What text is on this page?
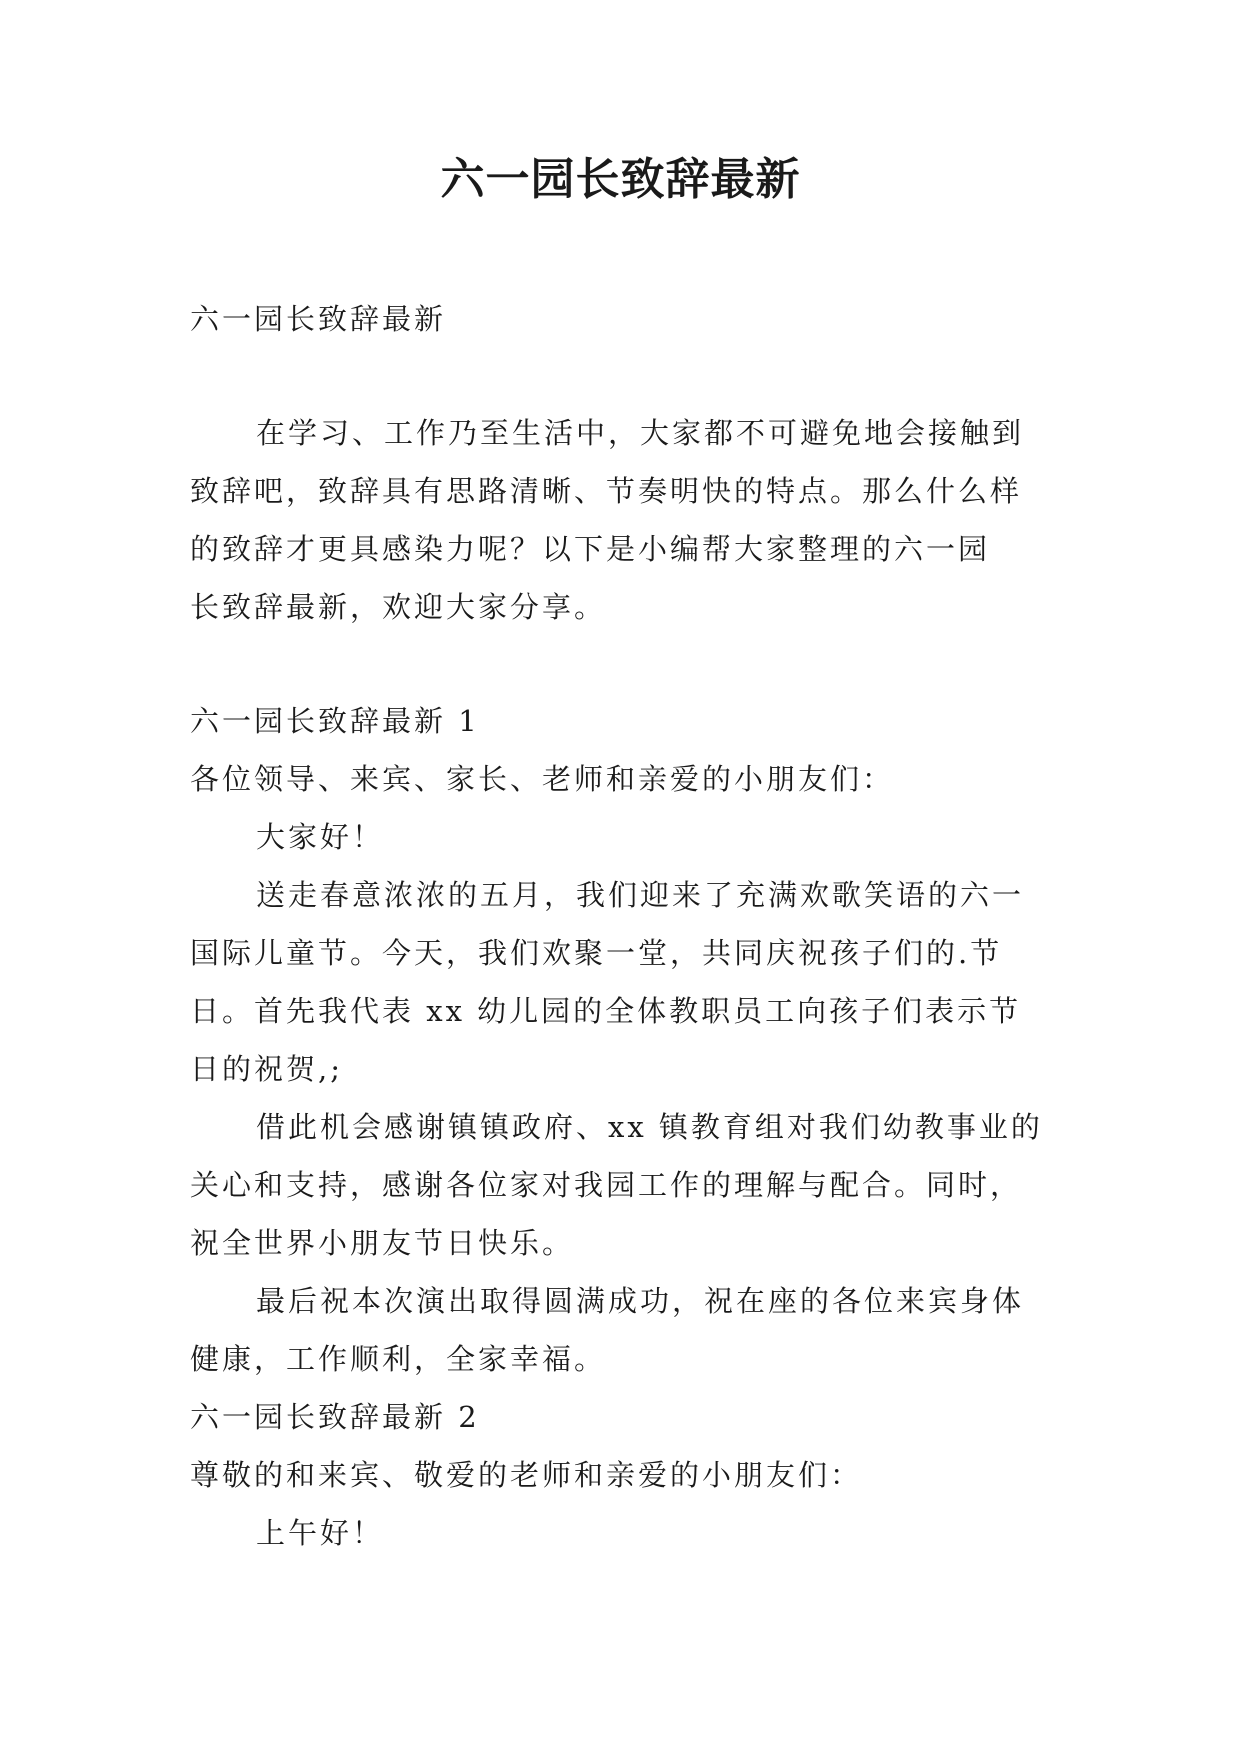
六一园长致辞最新

六一园长致辞最新

在学习、工作乃至生活中，大家都不可避免地会接触到

致辞吧，致辞具有思路清晰、节奏明快的特点。那么什么样

的致辞才更具感染力呢？以下是小编帮大家整理的六一园

长致辞最新，欢迎大家分享。

六一园长致辞最新 1

各位领导、来宾、家长、老师和亲爱的小朋友们：

大家好！

送走春意浓浓的五月，我们迎来了充满欢歌笑语的六一

国际儿童节。今天，我们欢聚一堂，共同庆祝孩子们的.节

日。首先我代表 xx 幼儿园的全体教职员工向孩子们表示节

日的祝贺,;

借此机会感谢镇镇政府、xx 镇教育组对我们幼教事业的

关心和支持，感谢各位家对我园工作的理解与配合。同时，

祝全世界小朋友节日快乐。

最后祝本次演出取得圆满成功，祝在座的各位来宾身体

健康，工作顺利，全家幸福。

六一园长致辞最新 2

尊敬的和来宾、敬爱的老师和亲爱的小朋友们：

上午好！
